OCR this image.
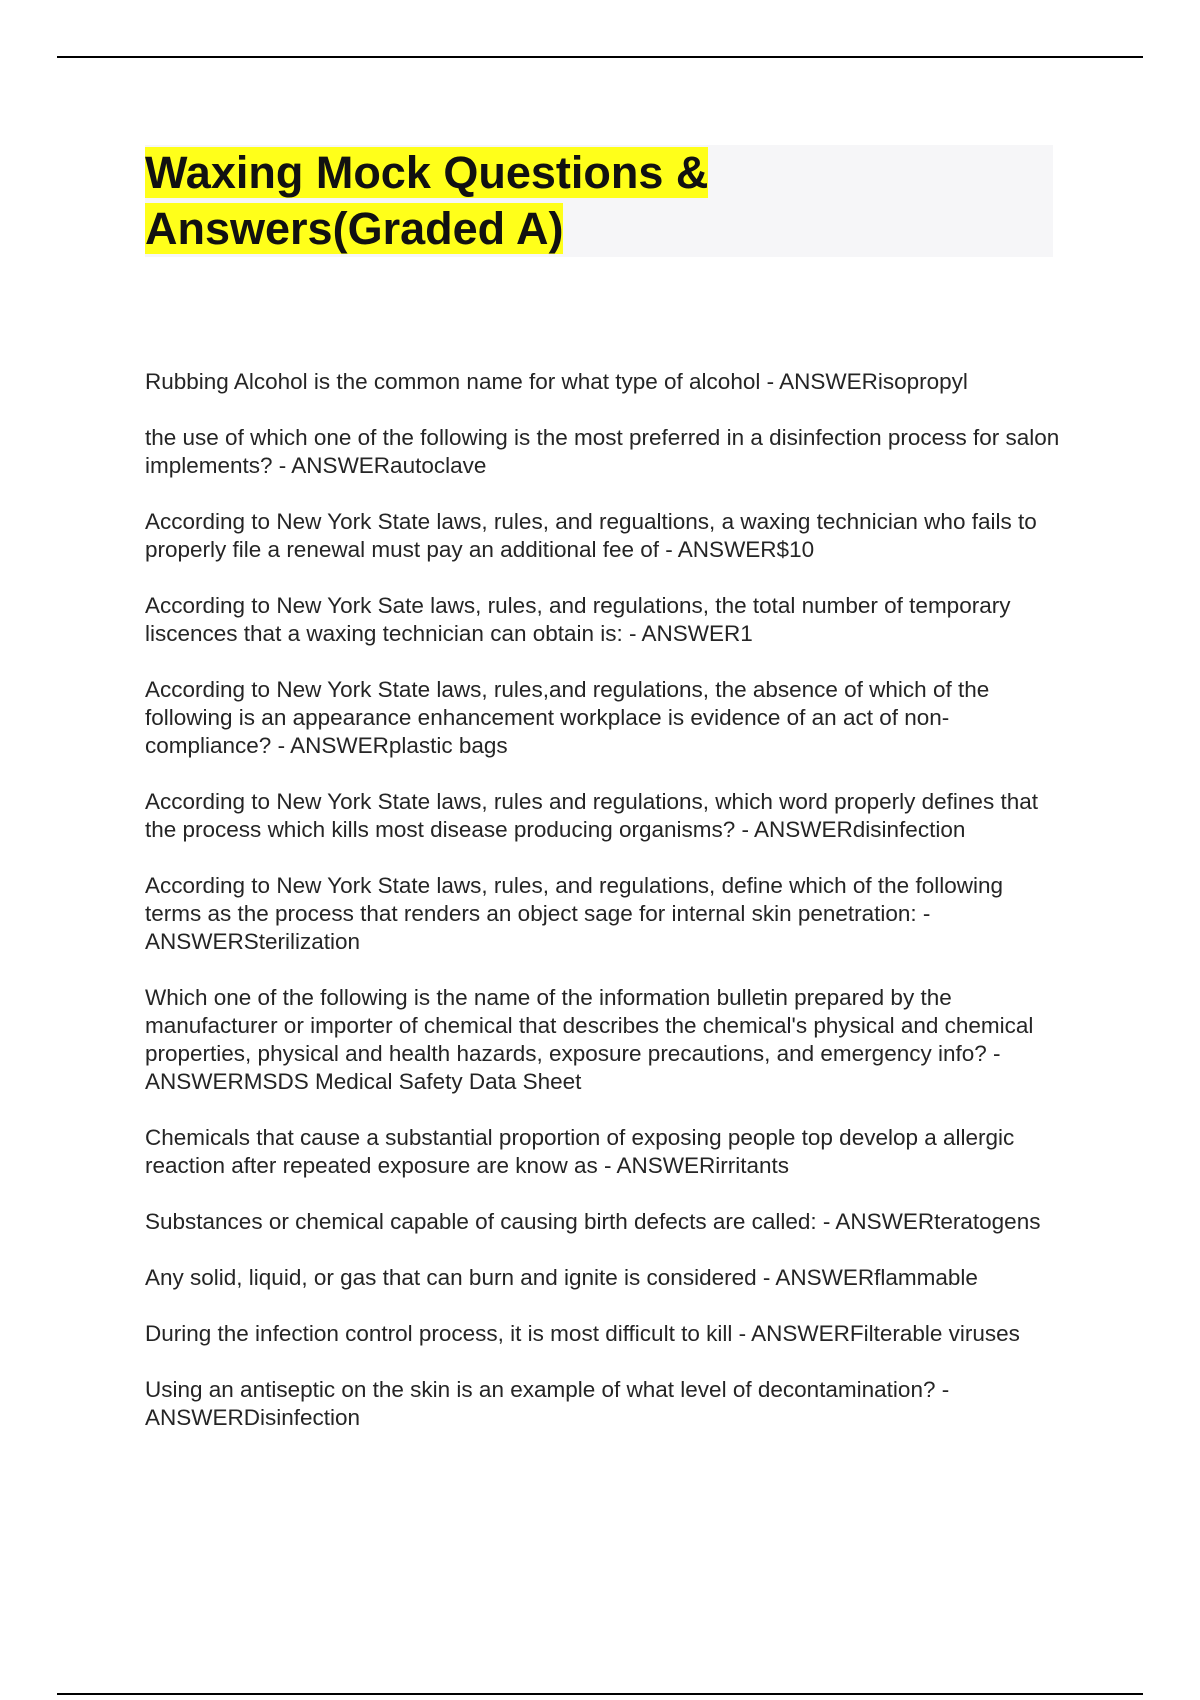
Waxing Mock Questions &
Answers(Graded A)
Rubbing Alcohol is the common name for what type of alcohol - ANSWERisopropyl
the use of which one of the following is the most preferred in a disinfection process for salon implements? - ANSWERautoclave
According to New York State laws, rules, and regualtions, a waxing technician who fails to properly file a renewal must pay an additional fee of - ANSWER$10
According to New York Sate laws, rules, and regulations, the total number of temporary liscences that a waxing technician can obtain is: - ANSWER1
According to New York State laws, rules,and regulations, the absence of which of the following is an appearance enhancement workplace is evidence of an act of non-compliance? - ANSWERplastic bags
According to New York State laws, rules and regulations, which word properly defines that the process which kills most disease producing organisms? - ANSWERdisinfection
According to New York State laws, rules, and regulations, define which of the following terms as the process that renders an object sage for internal skin penetration: - ANSWERSterilization
Which one of the following is the name of the information bulletin prepared by the manufacturer or importer of chemical that describes the chemical's physical and chemical properties, physical and health hazards, exposure precautions, and emergency info? - ANSWERMSDS Medical Safety Data Sheet
Chemicals that cause a substantial proportion of exposing people top develop a allergic reaction after repeated exposure are know as - ANSWERirritants
Substances or chemical capable of causing birth defects are called: - ANSWERteratogens
Any solid, liquid, or gas that can burn and ignite is considered - ANSWERflammable
During the infection control process, it is most difficult to kill - ANSWERFilterable viruses
Using an antiseptic on the skin is an example of what level of decontamination? - ANSWERDisinfection
